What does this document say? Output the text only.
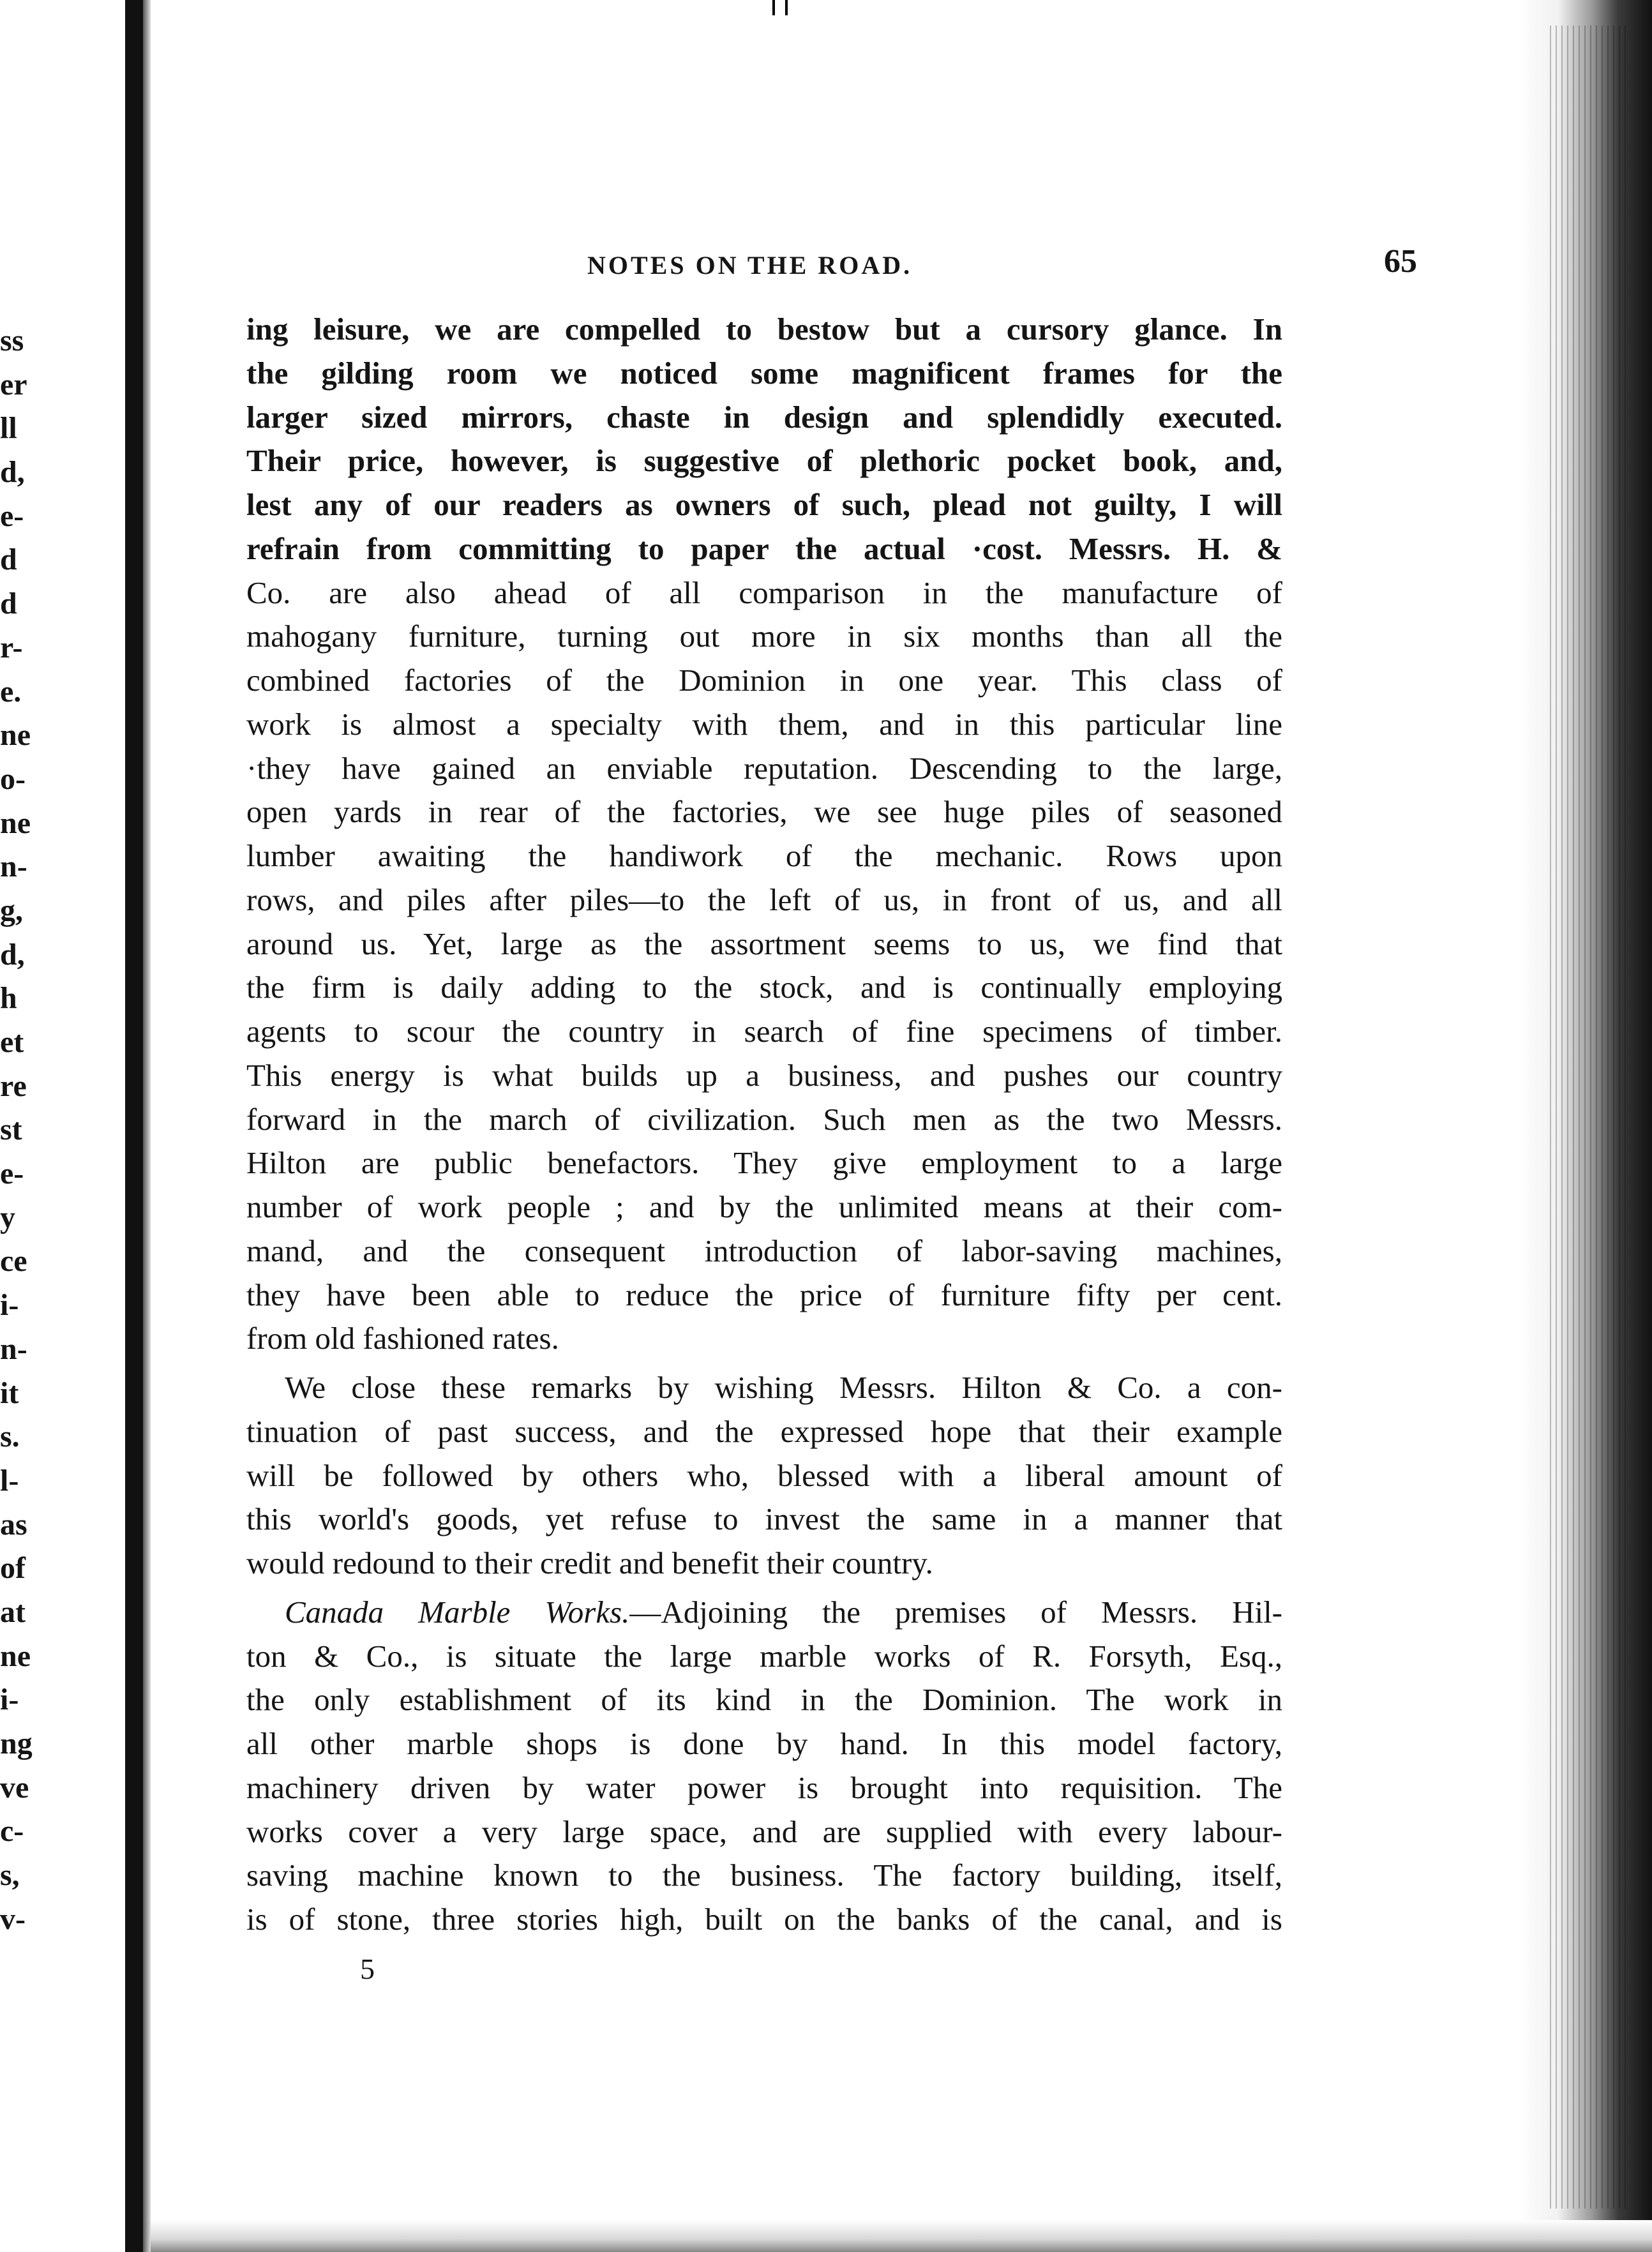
ss
er
ll
d,
e-
d
d
r-
e.
ne
o-
ne
n-
g,
d,
h
et
re
st
e-
y
ce
i-
n-
it
s.
l-
as
of
at
ne
i-
ng
ve
c-
s,
v-
NOTES ON THE ROAD.	65
ing leisure, we are compelled to bestow but a cursory glance. In
the gilding room we noticed some magnificent frames for the
larger sized mirrors, chaste in design and splendidly executed.
Their price, however, is suggestive of plethoric pocket book, and,
lest any of our readers as owners of such, plead not guilty, I will
refrain from committing to paper the actual ·cost. Messrs. H. &
Co. are also ahead of all comparison in the manufacture of
mahogany furniture, turning out more in six months than all the
combined factories of the Dominion in one year. This class of
work is almost a specialty with them, and in this particular line
·they have gained an enviable reputation. Descending to the large,
open yards in rear of the factories, we see huge piles of seasoned
lumber awaiting the handiwork of the mechanic. Rows upon
rows, and piles after piles—to the left of us, in front of us, and all
around us. Yet, large as the assortment seems to us, we find that
the firm is daily adding to the stock, and is continually employing
agents to scour the country in search of fine specimens of timber.
This energy is what builds up a business, and pushes our country
forward in the march of civilization. Such men as the two Messrs.
Hilton are public benefactors. They give employment to a large
number of work people ; and by the unlimited means at their com-
mand, and the consequent introduction of labor-saving machines,
they have been able to reduce the price of furniture fifty per cent.
from old fashioned rates.
We close these remarks by wishing Messrs. Hilton & Co. a con-
tinuation of past success, and the expressed hope that their example
will be followed by others who, blessed with a liberal amount of
this world's goods, yet refuse to invest the same in a manner that
would redound to their credit and benefit their country.
Canada Marble Works.—Adjoining the premises of Messrs. Hil-
ton & Co., is situate the large marble works of R. Forsyth, Esq.,
the only establishment of its kind in the Dominion. The work in
all other marble shops is done by hand. In this model factory,
machinery driven by water power is brought into requisition. The
works cover a very large space, and are supplied with every labour-
saving machine known to the business. The factory building, itself,
is of stone, three stories high, built on the banks of the canal, and is
5
